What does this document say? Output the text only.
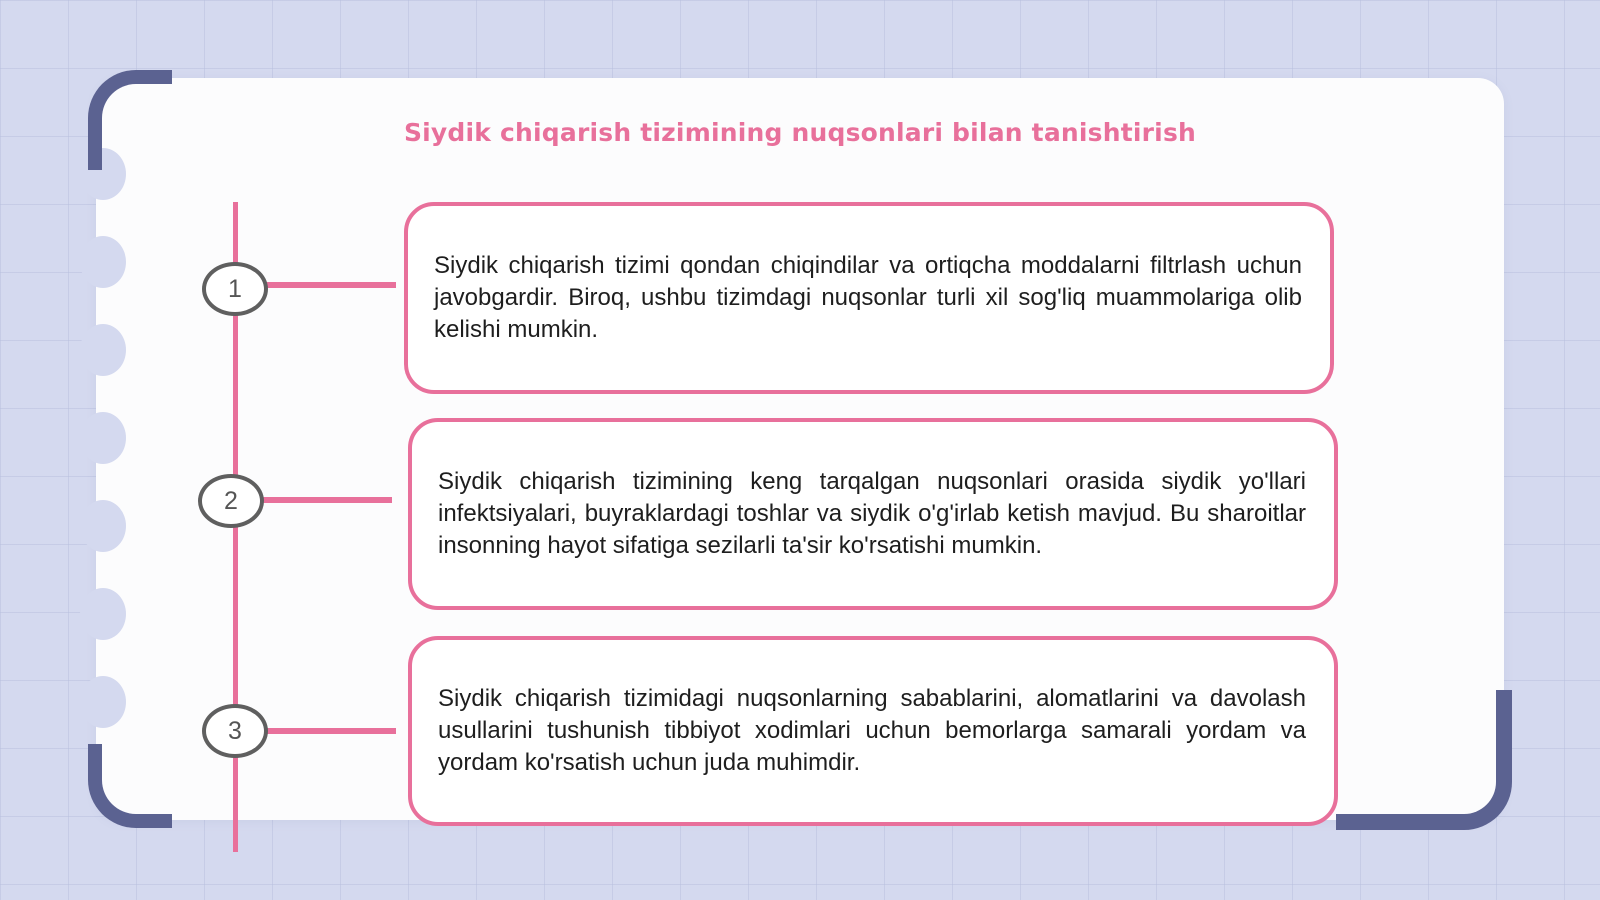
Siydik chiqarish tizimining nuqsonlari bilan tanishtirish
1
2
3

Siydik chiqarish tizimi qondan chiqindilar va ortiqcha moddalarni filtrlash uchun javobgardir. Biroq, ushbu tizimdagi nuqsonlar turli xil sog'liq muammolariga olib kelishi mumkin.

Siydik chiqarish tizimining keng tarqalgan nuqsonlari orasida siydik yo'llari infektsiyalari, buyraklardagi toshlar va siydik o'g'irlab ketish mavjud. Bu sharoitlar insonning hayot sifatiga sezilarli ta'sir ko'rsatishi mumkin.

Siydik chiqarish tizimidagi nuqsonlarning sabablarini, alomatlarini va davolash usullarini tushunish tibbiyot xodimlari uchun bemorlarga samarali yordam va yordam ko'rsatish uchun juda muhimdir.
